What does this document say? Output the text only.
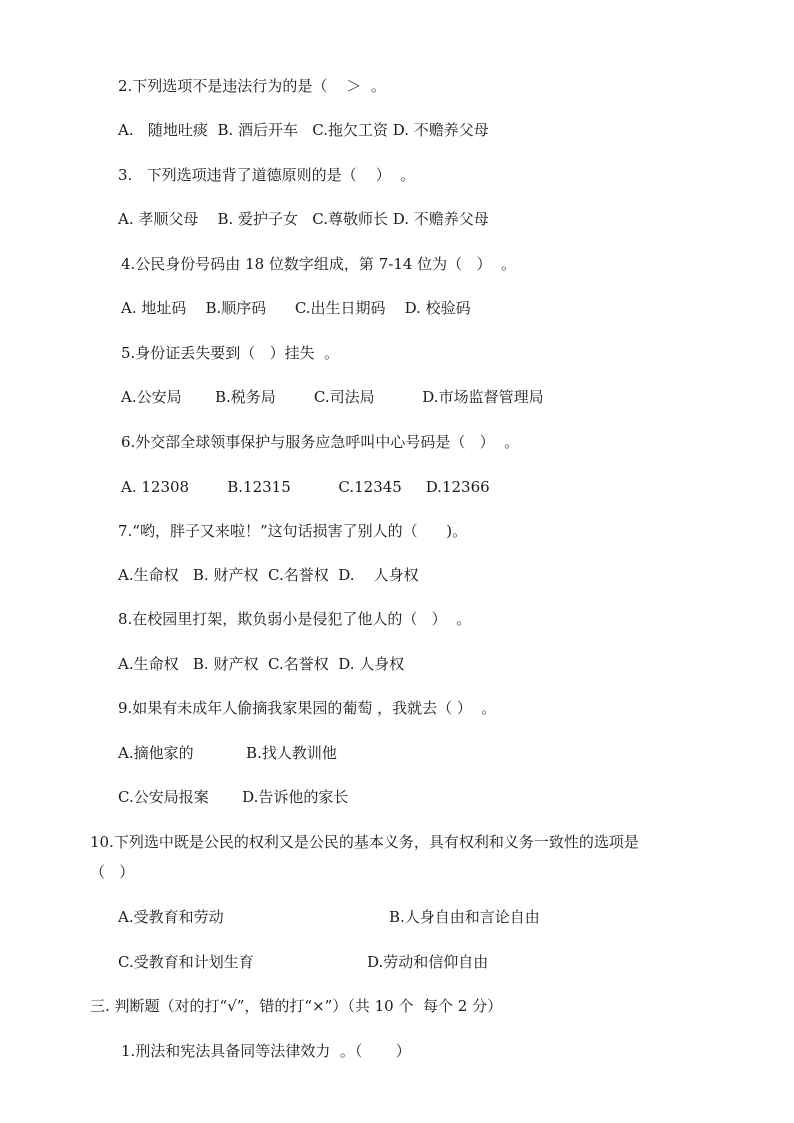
2.下列选项不是违法行为的是（    ＞  。
A.   随地吐痰  B. 酒后开车   C.拖欠工资 D. 不赡养父母
3.   下列选项违背了道德原则的是（    ）  。
A. 孝顺父母    B. 爱护子女   C.尊敬师长 D. 不赡养父母
4.公民身份号码由 18 位数字组成，第 7-14 位为（   ）  。
A. 地址码    B.顺序码      C.出生日期码    D. 校验码
5.身份证丢失要到（   ）挂失  。
A.公安局       B.税务局        C.司法局          D.市场监督管理局
6.外交部全球领事保护与服务应急呼叫中心号码是（   ）  。
A. 12308        B.12315          C.12345     D.12366
7.“哟，胖子又来啦！”这句话损害了别人的（      )。
A.生命权   B. 财产权  C.名誉权  D.    人身权
8.在校园里打架，欺负弱小是侵犯了他人的（   ）  。
A.生命权   B. 财产权  C.名誉权  D. 人身权
9.如果有未成年人偷摘我家果园的葡萄 ，我就去（ ）  。
A.摘他家的           B.找人教训他
C.公安局报案       D.告诉他的家长
10.下列选中既是公民的权利又是公民的基本义务，具有权利和义务一致性的选项是
（   ）
A.受教育和劳动	B.人身自由和言论自由
C.受教育和计划生育	D.劳动和信仰自由
三. 判断题（对的打“√”，错的打“×”）（共 10 个  每个 2 分）
1.刑法和宪法具备同等法律效力  。（       ）
